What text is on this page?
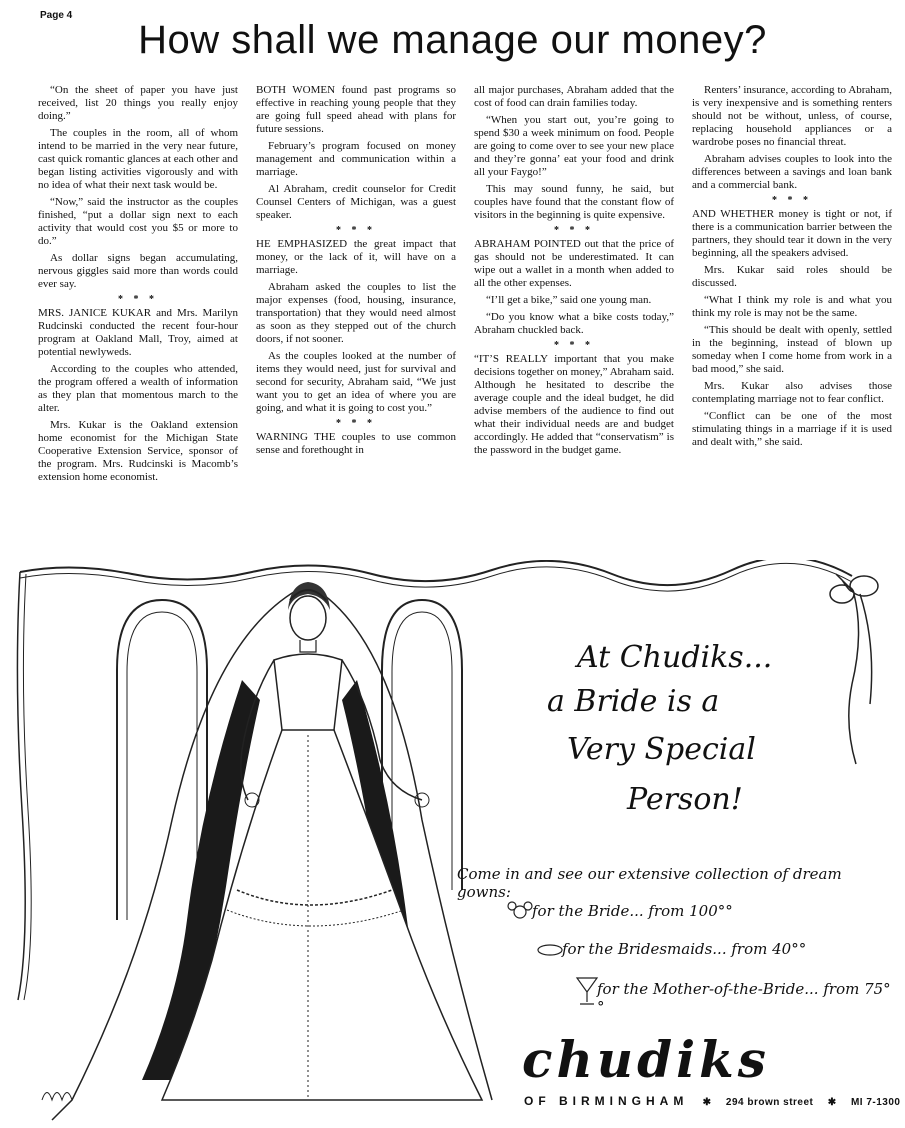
Page 4
How shall we manage our money?

“On the sheet of paper you have just received, list 20 things you really enjoy doing.”

The couples in the room, all of whom intend to be married in the very near future, cast quick romantic glances at each other and began listing activities vigorously and with no idea of what their next task would be.

“Now,” said the instructor as the couples finished, “put a dollar sign next to each activity that would cost you $5 or more to do.”

As dollar signs began accumulating, nervous giggles said more than words could ever say.

* * *

MRS. JANICE KUKAR and Mrs. Marilyn Rudcinski conducted the recent four-hour program at Oakland Mall, Troy, aimed at potential newlyweds.

According to the couples who attended, the program offered a wealth of information as they plan that momentous march to the alter.

Mrs. Kukar is the Oakland extension home economist for the Michigan State Cooperative Extension Service, sponsor of the program. Mrs. Rudcinski is Macomb’s extension home economist.

BOTH WOMEN found past programs so effective in reaching young people that they are going full speed ahead with plans for future sessions.

February’s program focused on money management and communication within a marriage.

Al Abraham, credit counselor for Credit Counsel Centers of Michigan, was a guest speaker.

* * *

HE EMPHASIZED the great impact that money, or the lack of it, will have on a marriage.

Abraham asked the couples to list the major expenses (food, housing, insurance, transportation) that they would need almost as soon as they stepped out of the church doors, if not sooner.

As the couples looked at the number of items they would need, just for survival and second for security, Abraham said, “We just want you to get an idea of where you are going, and what it is going to cost you.”

* * *

WARNING THE couples to use common sense and forethought in

all major purchases, Abraham added that the cost of food can drain families today.

“When you start out, you’re going to spend $30 a week minimum on food. People are going to come over to see your new place and they’re gonna’ eat your food and drink all your Faygo!”

This may sound funny, he said, but couples have found that the constant flow of visitors in the beginning is quite expensive.

* * *

ABRAHAM POINTED out that the price of gas should not be underestimated. It can wipe out a wallet in a month when added to all the other expenses.

“I’ll get a bike,” said one young man.

“Do you know what a bike costs today,” Abraham chuckled back.

* * *

“IT’S REALLY important that you make decisions together on money,” Abraham said. Although he hesitated to describe the average couple and the ideal budget, he did advise members of the audience to find out what their individual needs are and budget accordingly. He added that “conservatism” is the password in the budget game.

Renters’ insurance, according to Abraham, is very inexpensive and is something renters should not be without, unless, of course, replacing household appliances or a wardrobe poses no financial threat.

Abraham advises couples to look into the differences between a savings and loan bank and a commercial bank.

* * *

AND WHETHER money is tight or not, if there is a communication barrier between the partners, they should tear it down in the very beginning, all the speakers advised.

Mrs. Kukar said roles should be discussed.

“What I think my role is and what you think my role is may not be the same.

“This should be dealt with openly, settled in the beginning, instead of blown up someday when I come home from work in a bad mood,” she said.

Mrs. Kukar also advises those contemplating marriage not to fear conflict.

“Conflict can be one of the most stimulating things in a marriage if it is used and dealt with,” she said.

At Chudiks...
a Bride is a
Very Special
Person!
Come in and see our extensive collection of dream gowns:
for the Bride... from 100°°
for the Bridesmaids... from 40°°
for the Mother-of-the-Bride... from 75°°
chudiks
OF BIRMINGHAM ✱ 294 brown street ✱ MI 7-1300
